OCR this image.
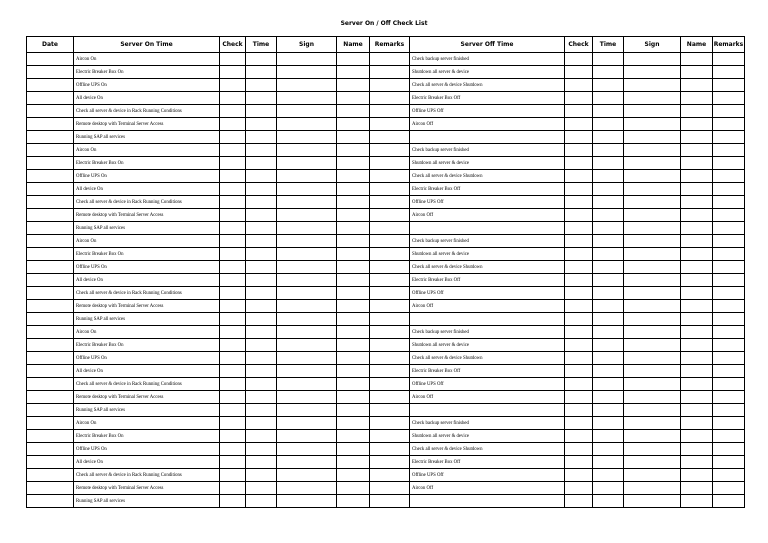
Server On / Off Check List
Date	Server On Time	Check	Time	Sign	Name	Remarks	Server Off Time	Check	Time	Sign	Name	Remarks
	Aircon On						Check backup server finished					
	Electric Breaker Box On						Shutdown all server & device					
	Offline UPS On						Check all server & device Shutdown					
	All device On						Electric Breaker Box Off					
	Check all server & device in Rack Running Conditions						Offline UPS Off					
	Remote desktop with Terminal Server Access						Aircon Off					
	Running SAP all services											
	Aircon On						Check backup server finished					
	Electric Breaker Box On						Shutdown all server & device					
	Offline UPS On						Check all server & device Shutdown					
	All device On						Electric Breaker Box Off					
	Check all server & device in Rack Running Conditions						Offline UPS Off					
	Remote desktop with Terminal Server Access						Aircon Off					
	Running SAP all services											
	Aircon On						Check backup server finished					
	Electric Breaker Box On						Shutdown all server & device					
	Offline UPS On						Check all server & device Shutdown					
	All device On						Electric Breaker Box Off					
	Check all server & device in Rack Running Conditions						Offline UPS Off					
	Remote desktop with Terminal Server Access						Aircon Off					
	Running SAP all services											
	Aircon On						Check backup server finished					
	Electric Breaker Box On						Shutdown all server & device					
	Offline UPS On						Check all server & device Shutdown					
	All device On						Electric Breaker Box Off					
	Check all server & device in Rack Running Conditions						Offline UPS Off					
	Remote desktop with Terminal Server Access						Aircon Off					
	Running SAP all services											
	Aircon On						Check backup server finished					
	Electric Breaker Box On						Shutdown all server & device					
	Offline UPS On						Check all server & device Shutdown					
	All device On						Electric Breaker Box Off					
	Check all server & device in Rack Running Conditions						Offline UPS Off					
	Remote desktop with Terminal Server Access						Aircon Off					
	Running SAP all services											
